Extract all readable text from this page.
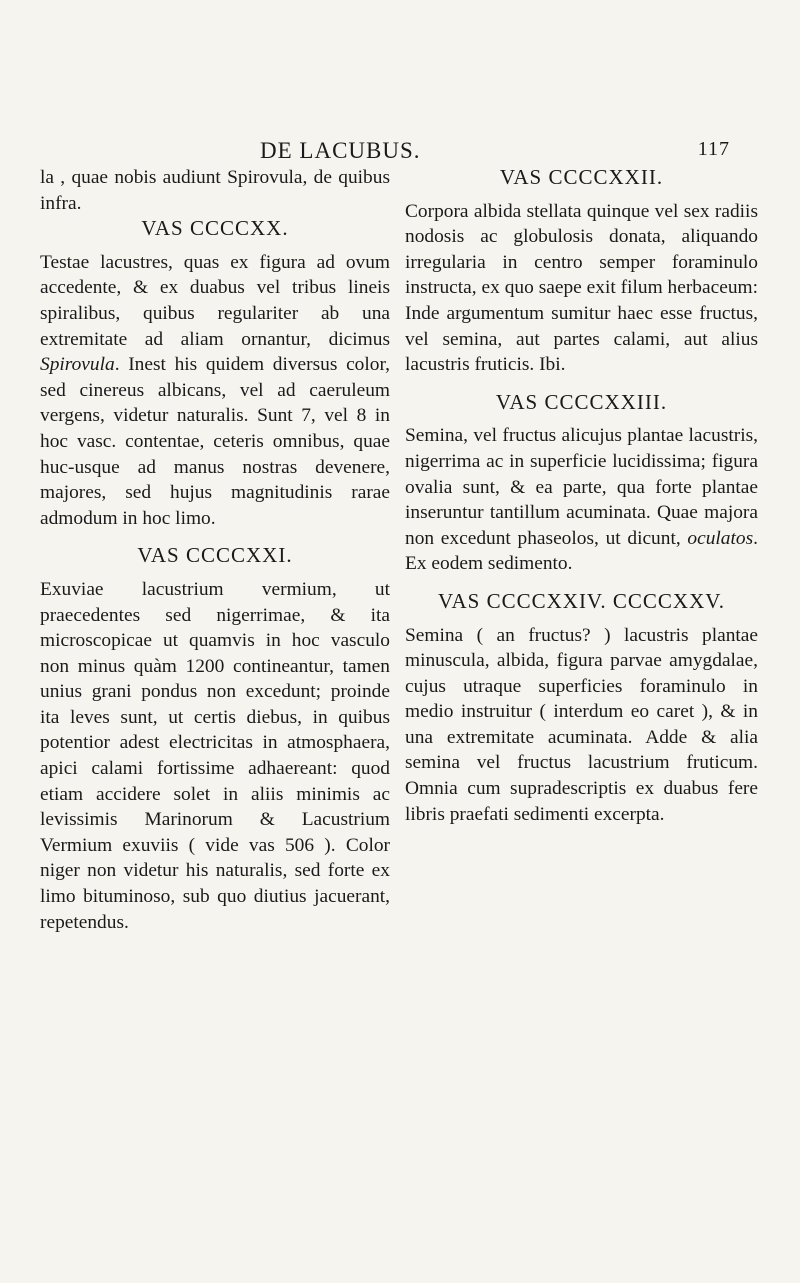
DE LACUBUS.	117

la , quae nobis audiunt Spirovula, de quibus infra.

VAS CCCCXX.

Testae lacustres, quas ex figura ad ovum accedente, & ex duabus vel tribus lineis spiralibus, quibus regulariter ab una extremitate ad aliam ornantur, dicimus Spirovula. Inest his quidem diversus color, sed cinereus albicans, vel ad caeruleum vergens, videtur naturalis. Sunt 7, vel 8 in hoc vasc. contentae, ceteris omnibus, quae huc-usque ad manus nostras devenere, majores, sed hujus magnitudinis rarae admodum in hoc limo.

VAS CCCCXXI.

Exuviae lacustrium vermium, ut praecedentes sed nigerrimae, & ita microscopicae ut quamvis in hoc vasculo non minus quàm 1200 contineantur, tamen unius grani pondus non excedunt; proinde ita leves sunt, ut certis diebus, in quibus potentior adest electricitas in atmosphaera, apici calami fortissime adhaereant: quod etiam accidere solet in aliis minimis ac levissimis Marinorum & Lacustrium Vermium exuviis ( vide vas 506 ). Color niger non videtur his naturalis, sed forte ex limo bituminoso, sub quo diutius jacuerant, repetendus.

VAS CCCCXXII.

Corpora albida stellata quinque vel sex radiis nodosis ac globulosis donata, aliquando irregularia in centro semper foraminulo instructa, ex quo saepe exit filum herbaceum: Inde argumentum sumitur haec esse fructus, vel semina, aut partes calami, aut alius lacustris fruticis. Ibi.

VAS CCCCXXIII.

Semina, vel fructus alicujus plantae lacustris, nigerrima ac in superficie lucidissima; figura ovalia sunt, & ea parte, qua forte plantae inseruntur tantillum acuminata. Quae majora non excedunt phaseolos, ut dicunt, oculatos. Ex eodem sedimento.

VAS CCCCXXIV. CCCCXXV.

Semina ( an fructus? ) lacustris plantae minuscula, albida, figura parvae amygdalae, cujus utraque superficies foraminulo in medio instruitur ( interdum eo caret ), & in una extremitate acuminata. Adde & alia semina vel fructus lacustrium fruticum. Omnia cum supradescriptis ex duabus fere libris praefati sedimenti excerpta.
